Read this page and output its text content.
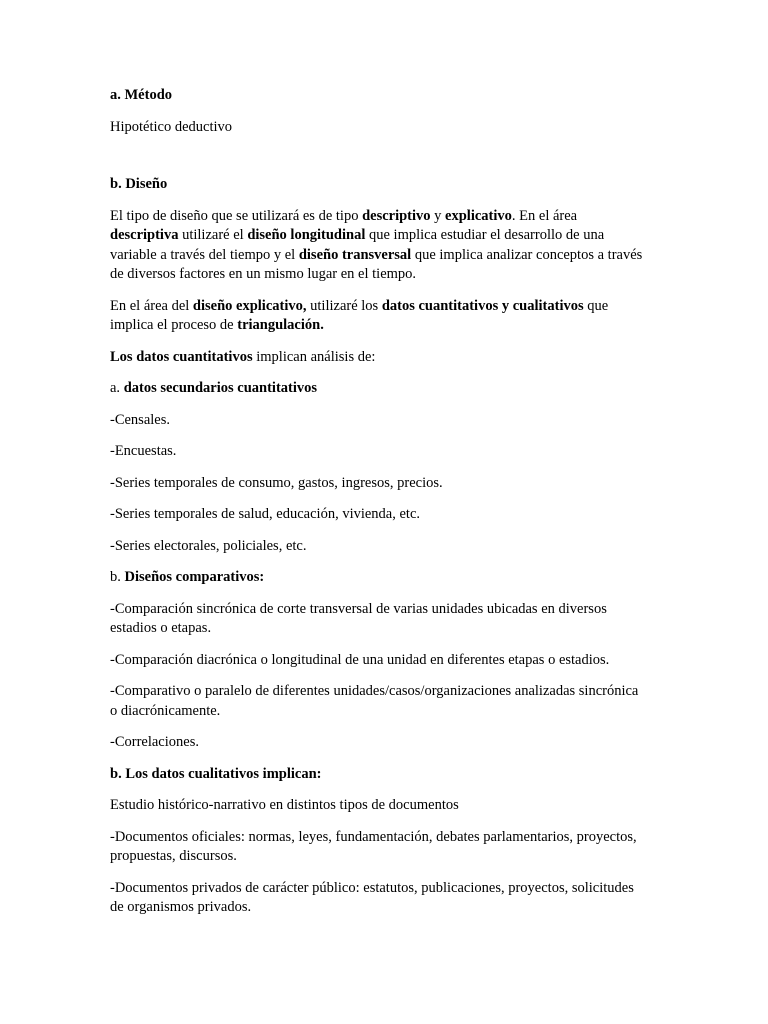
a. Método

Hipotético deductivo

b. Diseño

El tipo de diseño que se utilizará es de tipo descriptivo y explicativo. En el área descriptiva utilizaré el diseño longitudinal que implica estudiar el desarrollo de una variable a través del tiempo y el diseño transversal que implica analizar conceptos a través de diversos factores en un mismo lugar en el tiempo.

En el área del diseño explicativo, utilizaré los datos cuantitativos y cualitativos que implica el proceso de triangulación.

Los datos cuantitativos implican análisis de:

a. datos secundarios cuantitativos

-Censales.

-Encuestas.

-Series temporales de consumo, gastos, ingresos, precios.

-Series temporales de salud, educación, vivienda, etc.

-Series electorales, policiales, etc.

b. Diseños comparativos:

-Comparación sincrónica de corte transversal de varias unidades ubicadas en diversos estadios o etapas.

-Comparación diacrónica o longitudinal de una unidad en diferentes etapas o estadios.

-Comparativo o paralelo de diferentes unidades/casos/organizaciones analizadas sincrónica o diacrónicamente.

-Correlaciones.

b. Los datos cualitativos implican:

Estudio histórico-narrativo en distintos tipos de documentos

-Documentos oficiales: normas, leyes, fundamentación, debates parlamentarios, proyectos, propuestas, discursos.

-Documentos privados de carácter público: estatutos, publicaciones, proyectos, solicitudes de organismos privados.
